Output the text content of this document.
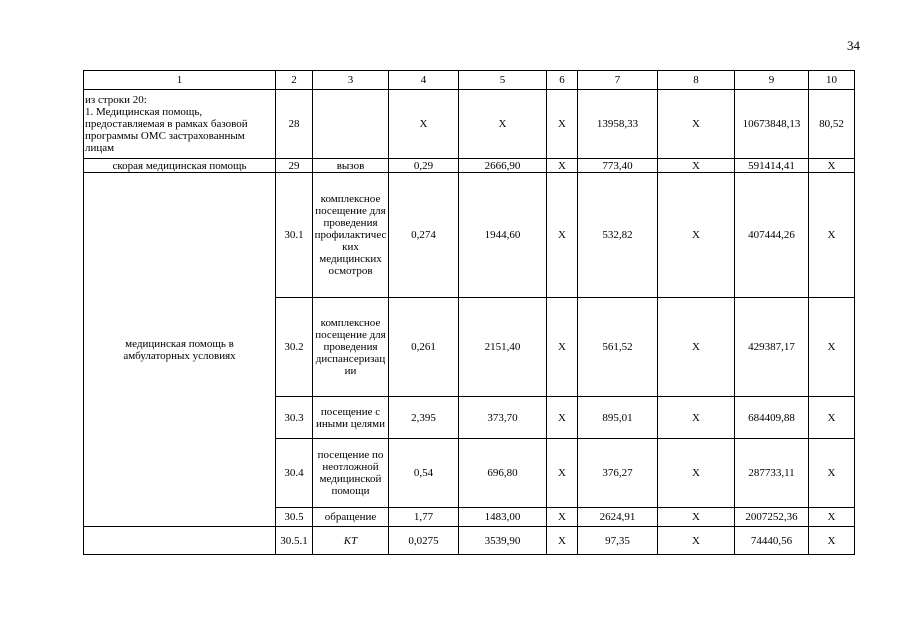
34
1	2	3	4	5	6	7	8	9	10
из строки 20:
1. Медицинская помощь, предоставляемая в рамках базовой программы ОМС застрахованным лицам	28		X	X	X	13958,33	X	10673848,13	80,52
скорая медицинская помощь	29	вызов	0,29	2666,90	X	773,40	X	591414,41	X
медицинская помощь в амбулаторных условиях	30.1	комплексное посещение для проведения профилактических медицинских осмотров	0,274	1944,60	X	532,82	X	407444,26	X
	30.2	комплексное посещение для проведения диспансеризации	0,261	2151,40	X	561,52	X	429387,17	X
	30.3	посещение с иными целями	2,395	373,70	X	895,01	X	684409,88	X
	30.4	посещение по неотложной медицинской помощи	0,54	696,80	X	376,27	X	287733,11	X
	30.5	обращение	1,77	1483,00	X	2624,91	X	2007252,36	X
	30.5.1	КТ	0,0275	3539,90	X	97,35	X	74440,56	X
